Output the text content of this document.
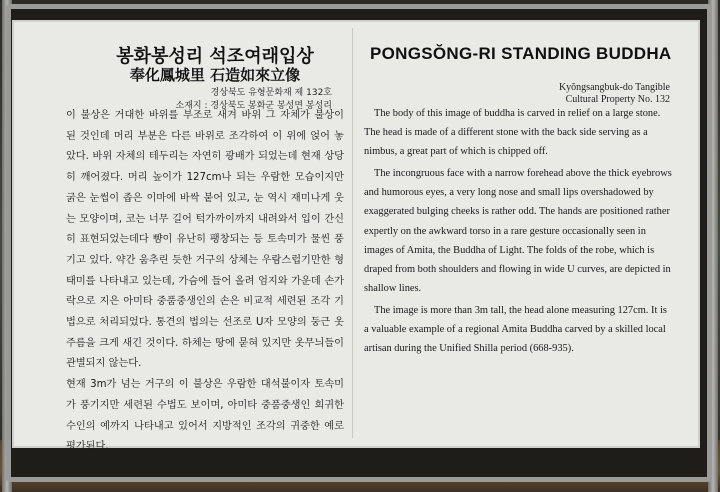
봉화봉성리 석조여래입상
奉化鳳城里 石造如來立像
경상북도 유형문화재 제 132호
소재지 : 경상북도 봉화군 봉성면 봉성리

이 불상은 거대한 바위를 부조로 새겨 바위 그 자체가 불상이 된 것인데 머리 부분은 다른 바위로 조각하여 이 위에 얹어 놓았다. 바위 자체의 테두리는 자연히 광배가 되었는데 현재 상당히 깨어졌다. 머리 높이가 127cm나 되는 우람한 모습이지만 굵은 눈썹이 좁은 이마에 바싹 붙어 있고, 눈 역시 재미나게 웃는 모양이며, 코는 너무 길어 턱가까이까지 내려와서 입이 간신히 표현되었는데다 뺨이 유난히 팽창되는 등 토속미가 물씬 풍기고 있다. 약간 움추린 듯한 거구의 상체는 우람스럽기만한 형태미를 나타내고 있는데, 가슴에 들어 올려 엄지와 가운데 손가락으로 지은 아미타 중품중생인의 손은 비교적 세련된 조각 기법으로 처리되었다. 통견의 법의는 선조로 U자 모양의 둥근 옷주름을 크게 새긴 것이다. 하체는 땅에 묻혀 있지만 옷무늬들이 관별되지 않는다.

현재 3m가 넘는 거구의 이 불상은 우람한 대석불이자 토속미가 풍기지만 세련된 수법도 보이며, 아미타 중품중생인 희귀한 수인의 예까지 나타내고 있어서 지방적인 조각의 귀중한 예로 평가된다.

PONGSŎNG-RI STANDING BUDDHA
Kyŏngsangbuk-do Tangible
Cultural Property No. 132

The body of this image of buddha is carved in relief on a large stone. The head is made of a different stone with the back side serving as a nimbus, a great part of which is chipped off.

The incongruous face with a narrow forehead above the thick eyebrows and humorous eyes, a very long nose and small lips overshadowed by exaggerated bulging cheeks is rather odd. The hands are positioned rather expertly on the awkward torso in a rare gesture occasionally seen in images of Amita, the Buddha of Light. The folds of the robe, which is draped from both shoulders and flowing in wide U curves, are depicted in shallow lines.

The image is more than 3m tall, the head alone measuring 127cm. It is a valuable example of a regional Amita Buddha carved by a skilled local artisan during the Unified Shilla period (668-935).
